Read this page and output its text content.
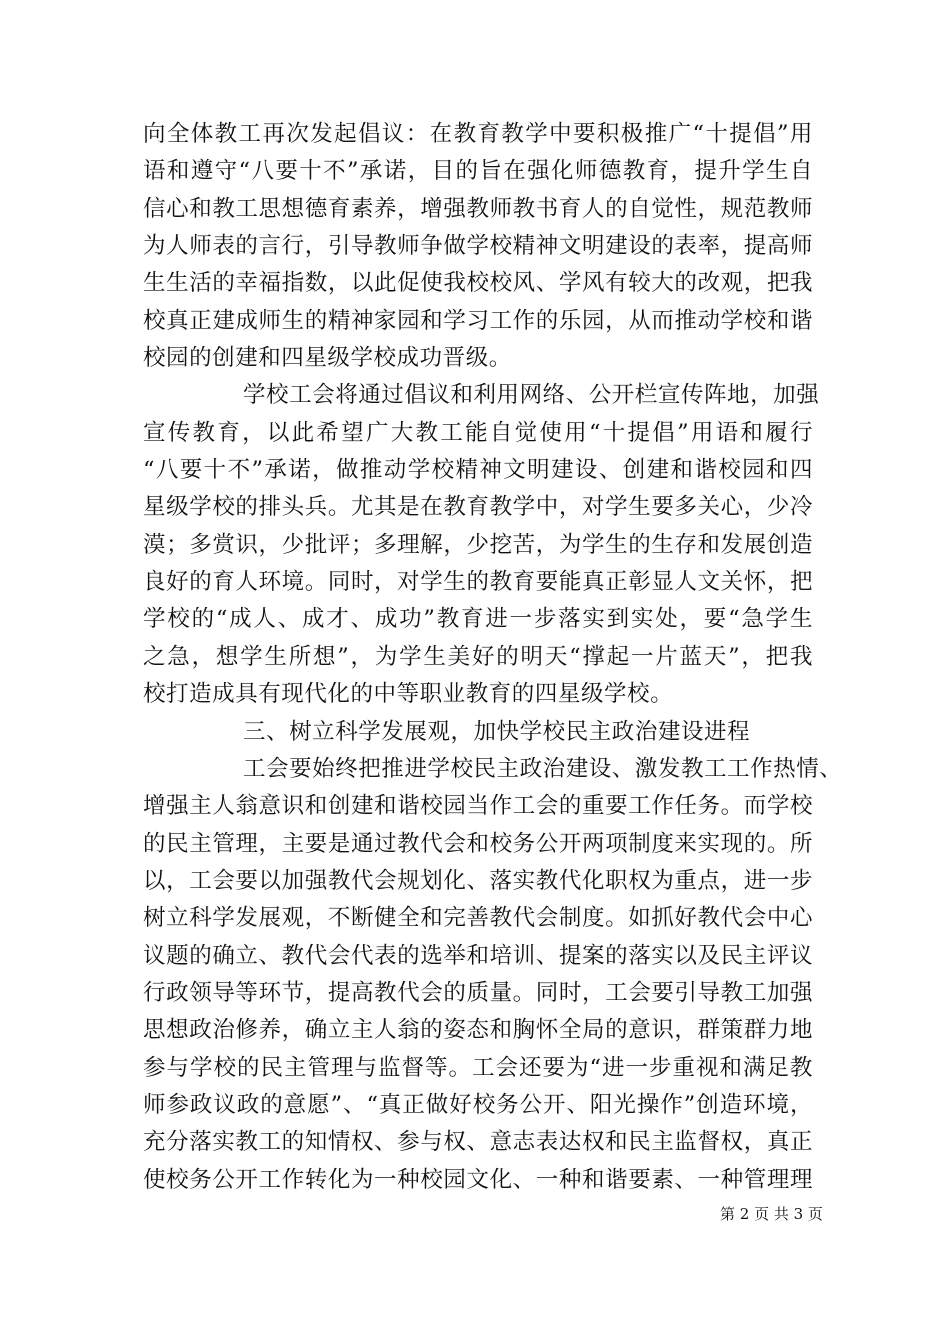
向全体教工再次发起倡议：在教育教学中要积极推广“十提倡”用
语和遵守“八要十不”承诺，目的旨在强化师德教育，提升学生自
信心和教工思想德育素养，增强教师教书育人的自觉性，规范教师
为人师表的言行，引导教师争做学校精神文明建设的表率，提高师
生生活的幸福指数，以此促使我校校风、学风有较大的改观，把我
校真正建成师生的精神家园和学习工作的乐园，从而推动学校和谐
校园的创建和四星级学校成功晋级。
学校工会将通过倡议和利用网络、公开栏宣传阵地，加强
宣传教育，以此希望广大教工能自觉使用“十提倡”用语和履行
“八要十不”承诺，做推动学校精神文明建设、创建和谐校园和四
星级学校的排头兵。尤其是在教育教学中，对学生要多关心，少冷
漠；多赏识，少批评；多理解，少挖苦，为学生的生存和发展创造
良好的育人环境。同时，对学生的教育要能真正彰显人文关怀，把
学校的“成人、成才、成功”教育进一步落实到实处，要“急学生
之急，想学生所想”，为学生美好的明天“撑起一片蓝天”，把我
校打造成具有现代化的中等职业教育的四星级学校。
三、树立科学发展观，加快学校民主政治建设进程
工会要始终把推进学校民主政治建设、激发教工工作热情、
增强主人翁意识和创建和谐校园当作工会的重要工作任务。而学校
的民主管理，主要是通过教代会和校务公开两项制度来实现的。所
以，工会要以加强教代会规划化、落实教代化职权为重点，进一步
树立科学发展观，不断健全和完善教代会制度。如抓好教代会中心
议题的确立、教代会代表的选举和培训、提案的落实以及民主评议
行政领导等环节，提高教代会的质量。同时，工会要引导教工加强
思想政治修养，确立主人翁的姿态和胸怀全局的意识，群策群力地
参与学校的民主管理与监督等。工会还要为“进一步重视和满足教
师参政议政的意愿”、“真正做好校务公开、阳光操作”创造环境，
充分落实教工的知情权、参与权、意志表达权和民主监督权，真正
使校务公开工作转化为一种校园文化、一种和谐要素、一种管理理
第 2 页 共 3 页
